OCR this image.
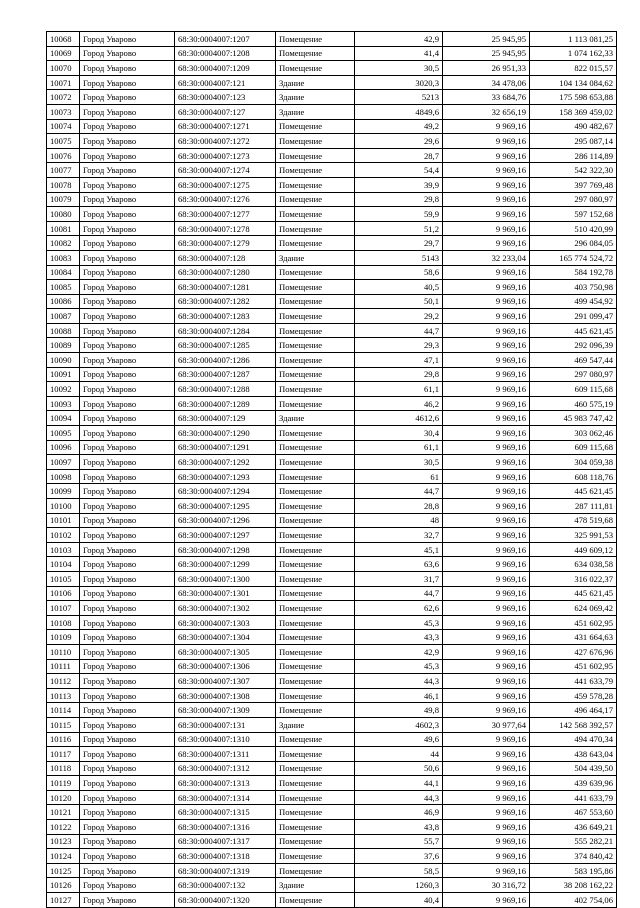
10068	Город Уварово	68:30:0004007:1207	Помещение	42,9	25 945,95	1 113 081,25
10069	Город Уварово	68:30:0004007:1208	Помещение	41,4	25 945,95	1 074 162,33
10070	Город Уварово	68:30:0004007:1209	Помещение	30,5	26 951,33	822 015,57
10071	Город Уварово	68:30:0004007:121	Здание	3020,3	34 478,06	104 134 084,62
10072	Город Уварово	68:30:0004007:123	Здание	5213	33 684,76	175 598 653,88
10073	Город Уварово	68:30:0004007:127	Здание	4849,6	32 656,19	158 369 459,02
10074	Город Уварово	68:30:0004007:1271	Помещение	49,2	9 969,16	490 482,67
10075	Город Уварово	68:30:0004007:1272	Помещение	29,6	9 969,16	295 087,14
10076	Город Уварово	68:30:0004007:1273	Помещение	28,7	9 969,16	286 114,89
10077	Город Уварово	68:30:0004007:1274	Помещение	54,4	9 969,16	542 322,30
10078	Город Уварово	68:30:0004007:1275	Помещение	39,9	9 969,16	397 769,48
10079	Город Уварово	68:30:0004007:1276	Помещение	29,8	9 969,16	297 080,97
10080	Город Уварово	68:30:0004007:1277	Помещение	59,9	9 969,16	597 152,68
10081	Город Уварово	68:30:0004007:1278	Помещение	51,2	9 969,16	510 420,99
10082	Город Уварово	68:30:0004007:1279	Помещение	29,7	9 969,16	296 084,05
10083	Город Уварово	68:30:0004007:128	Здание	5143	32 233,04	165 774 524,72
10084	Город Уварово	68:30:0004007:1280	Помещение	58,6	9 969,16	584 192,78
10085	Город Уварово	68:30:0004007:1281	Помещение	40,5	9 969,16	403 750,98
10086	Город Уварово	68:30:0004007:1282	Помещение	50,1	9 969,16	499 454,92
10087	Город Уварово	68:30:0004007:1283	Помещение	29,2	9 969,16	291 099,47
10088	Город Уварово	68:30:0004007:1284	Помещение	44,7	9 969,16	445 621,45
10089	Город Уварово	68:30:0004007:1285	Помещение	29,3	9 969,16	292 096,39
10090	Город Уварово	68:30:0004007:1286	Помещение	47,1	9 969,16	469 547,44
10091	Город Уварово	68:30:0004007:1287	Помещение	29,8	9 969,16	297 080,97
10092	Город Уварово	68:30:0004007:1288	Помещение	61,1	9 969,16	609 115,68
10093	Город Уварово	68:30:0004007:1289	Помещение	46,2	9 969,16	460 575,19
10094	Город Уварово	68:30:0004007:129	Здание	4612,6	9 969,16	45 983 747,42
10095	Город Уварово	68:30:0004007:1290	Помещение	30,4	9 969,16	303 062,46
10096	Город Уварово	68:30:0004007:1291	Помещение	61,1	9 969,16	609 115,68
10097	Город Уварово	68:30:0004007:1292	Помещение	30,5	9 969,16	304 059,38
10098	Город Уварово	68:30:0004007:1293	Помещение	61	9 969,16	608 118,76
10099	Город Уварово	68:30:0004007:1294	Помещение	44,7	9 969,16	445 621,45
10100	Город Уварово	68:30:0004007:1295	Помещение	28,8	9 969,16	287 111,81
10101	Город Уварово	68:30:0004007:1296	Помещение	48	9 969,16	478 519,68
10102	Город Уварово	68:30:0004007:1297	Помещение	32,7	9 969,16	325 991,53
10103	Город Уварово	68:30:0004007:1298	Помещение	45,1	9 969,16	449 609,12
10104	Город Уварово	68:30:0004007:1299	Помещение	63,6	9 969,16	634 038,58
10105	Город Уварово	68:30:0004007:1300	Помещение	31,7	9 969,16	316 022,37
10106	Город Уварово	68:30:0004007:1301	Помещение	44,7	9 969,16	445 621,45
10107	Город Уварово	68:30:0004007:1302	Помещение	62,6	9 969,16	624 069,42
10108	Город Уварово	68:30:0004007:1303	Помещение	45,3	9 969,16	451 602,95
10109	Город Уварово	68:30:0004007:1304	Помещение	43,3	9 969,16	431 664,63
10110	Город Уварово	68:30:0004007:1305	Помещение	42,9	9 969,16	427 676,96
10111	Город Уварово	68:30:0004007:1306	Помещение	45,3	9 969,16	451 602,95
10112	Город Уварово	68:30:0004007:1307	Помещение	44,3	9 969,16	441 633,79
10113	Город Уварово	68:30:0004007:1308	Помещение	46,1	9 969,16	459 578,28
10114	Город Уварово	68:30:0004007:1309	Помещение	49,8	9 969,16	496 464,17
10115	Город Уварово	68:30:0004007:131	Здание	4602,3	30 977,64	142 568 392,57
10116	Город Уварово	68:30:0004007:1310	Помещение	49,6	9 969,16	494 470,34
10117	Город Уварово	68:30:0004007:1311	Помещение	44	9 969,16	438 643,04
10118	Город Уварово	68:30:0004007:1312	Помещение	50,6	9 969,16	504 439,50
10119	Город Уварово	68:30:0004007:1313	Помещение	44,1	9 969,16	439 639,96
10120	Город Уварово	68:30:0004007:1314	Помещение	44,3	9 969,16	441 633,79
10121	Город Уварово	68:30:0004007:1315	Помещение	46,9	9 969,16	467 553,60
10122	Город Уварово	68:30:0004007:1316	Помещение	43,8	9 969,16	436 649,21
10123	Город Уварово	68:30:0004007:1317	Помещение	55,7	9 969,16	555 282,21
10124	Город Уварово	68:30:0004007:1318	Помещение	37,6	9 969,16	374 840,42
10125	Город Уварово	68:30:0004007:1319	Помещение	58,5	9 969,16	583 195,86
10126	Город Уварово	68:30:0004007:132	Здание	1260,3	30 316,72	38 208 162,22
10127	Город Уварово	68:30:0004007:1320	Помещение	40,4	9 969,16	402 754,06
